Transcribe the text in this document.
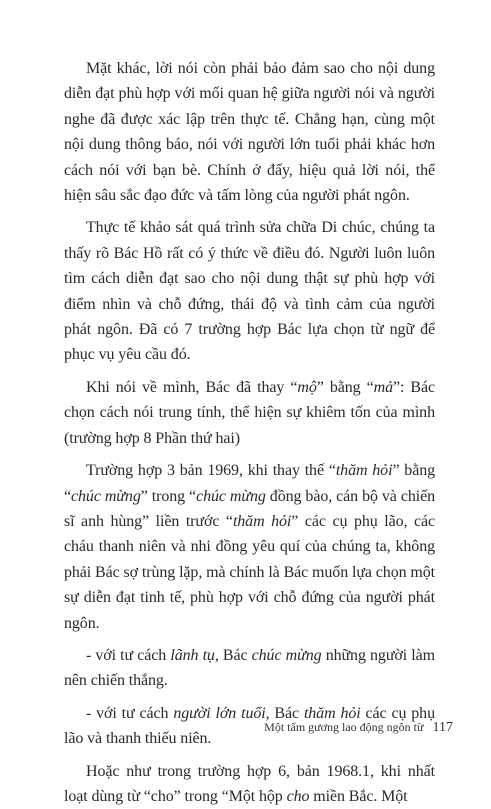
Mặt khác, lời nói còn phải bảo đảm sao cho nội dung diễn đạt phù hợp với mối quan hệ giữa người nói và người nghe đã được xác lập trên thực tế. Chẳng hạn, cùng một nội dung thông báo, nói với người lớn tuổi phải khác hơn cách nói với bạn bè. Chính ở đấy, hiệu quả lời nói, thể hiện sâu sắc đạo đức và tấm lòng của người phát ngôn.

Thực tế khảo sát quá trình sửa chữa Di chúc, chúng ta thấy rõ Bác Hồ rất có ý thức về điều đó. Người luôn luôn tìm cách diễn đạt sao cho nội dung thật sự phù hợp với điểm nhìn và chỗ đứng, thái độ và tình cảm của người phát ngôn. Đã có 7 trường hợp Bác lựa chọn từ ngữ để phục vụ yêu cầu đó.

Khi nói về mình, Bác đã thay “mộ” bằng “mả”: Bác chọn cách nói trung tính, thể hiện sự khiêm tốn của mình (trường hợp 8 Phần thứ hai)

Trường hợp 3 bản 1969, khi thay thế “thăm hỏi” bằng “chúc mừng” trong “chúc mừng đồng bào, cán bộ và chiến sĩ anh hùng” liền trước “thăm hỏi” các cụ phụ lão, các cháu thanh niên và nhi đồng yêu quí của chúng ta, không phải Bác sợ trùng lặp, mà chính là Bác muốn lựa chọn một sự diễn đạt tinh tế, phù hợp với chỗ đứng của người phát ngôn.

- với tư cách lãnh tụ, Bác chúc mừng những người làm nên chiến thắng.

- với tư cách người lớn tuổi, Bác thăm hỏi các cụ phụ lão và thanh thiếu niên.

Hoặc như trong trường hợp 6, bản 1968.1, khi nhất loạt dùng từ “cho” trong “Một hộp cho miền Bắc. Một

Một tấm gương lao động ngôn từ 117
